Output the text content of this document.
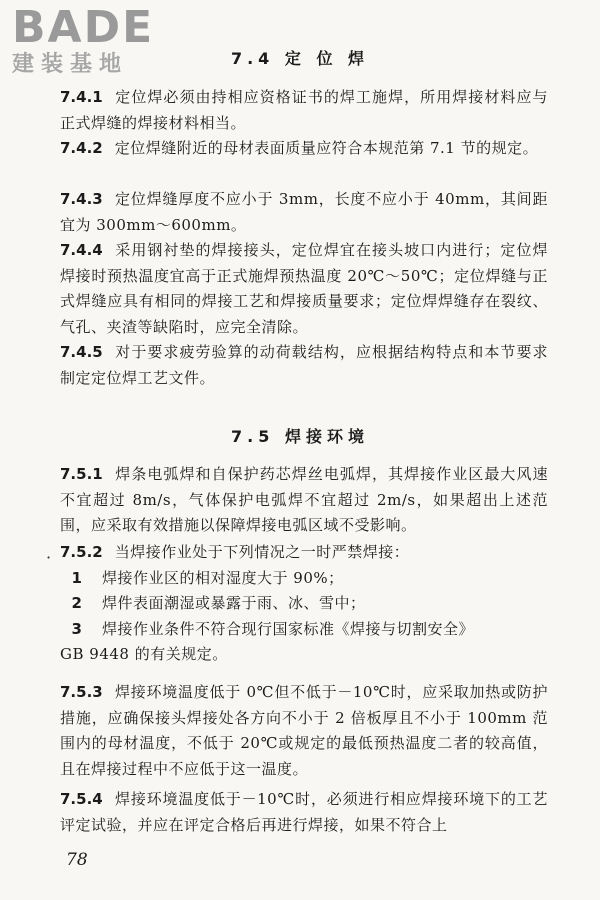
BADE
建装基地	7.4 定 位 焊
7.4.1 定位焊必须由持相应资格证书的焊工施焊，所用焊接材料应与正式焊缝的焊接材料相当。
7.4.2 定位焊缝附近的母材表面质量应符合本规范第 7.1 节的规定。
7.4.3 定位焊缝厚度不应小于 3mm，长度不应小于 40mm，其间距宜为 300mm～600mm。
7.4.4 采用钢衬垫的焊接接头，定位焊宜在接头坡口内进行；定位焊焊接时预热温度宜高于正式施焊预热温度 20℃～50℃；定位焊缝与正式焊缝应具有相同的焊接工艺和焊接质量要求；定位焊焊缝存在裂纹、气孔、夹渣等缺陷时，应完全清除。
7.4.5 对于要求疲劳验算的动荷载结构，应根据结构特点和本节要求制定定位焊工艺文件。
7.5 焊接环境
7.5.1 焊条电弧焊和自保护药芯焊丝电弧焊，其焊接作业区最大风速不宜超过 8m/s，气体保护电弧焊不宜超过 2m/s，如果超出上述范围，应采取有效措施以保障焊接电弧区域不受影响。
· 7.5.2 当焊接作业处于下列情况之一时严禁焊接：
1 焊接作业区的相对湿度大于 90%；
2 焊件表面潮湿或暴露于雨、冰、雪中；
3 焊接作业条件不符合现行国家标准《焊接与切割安全》
GB 9448 的有关规定。
7.5.3 焊接环境温度低于 0℃但不低于－10℃时，应采取加热或防护措施，应确保接头焊接处各方向不小于 2 倍板厚且不小于 100mm 范围内的母材温度，不低于 20℃或规定的最低预热温度二者的较高值，且在焊接过程中不应低于这一温度。
7.5.4 焊接环境温度低于－10℃时，必须进行相应焊接环境下的工艺评定试验，并应在评定合格后再进行焊接，如果不符合上
78
